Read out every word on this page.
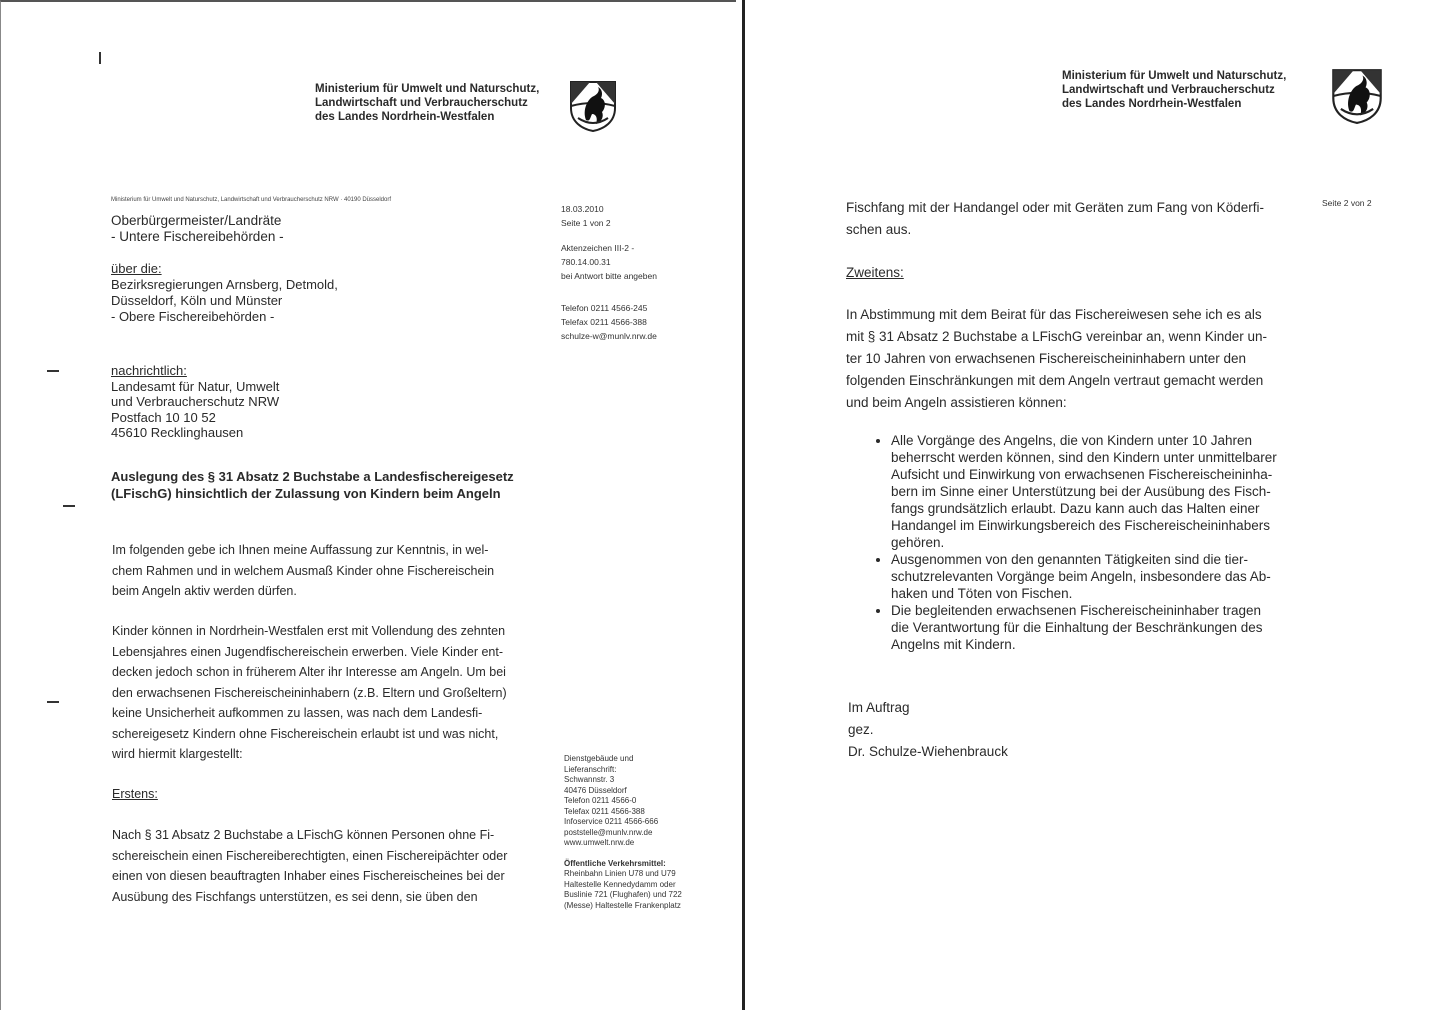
Ministerium für Umwelt und Naturschutz,
Landwirtschaft und Verbraucherschutz
des Landes Nordrhein-Westfalen
Ministerium für Umwelt und Naturschutz, Landwirtschaft und Verbraucherschutz NRW · 40190 Düsseldorf
Oberbürgermeister/Landräte
- Untere Fischereibehörden -
über die:
Bezirksregierungen Arnsberg, Detmold,
Düsseldorf, Köln und Münster
- Obere Fischereibehörden -
nachrichtlich:
Landesamt für Natur, Umwelt
und Verbraucherschutz NRW
Postfach 10 10 52
45610 Recklinghausen
18.03.2010
Seite 1 von 2
Aktenzeichen III-2 -
780.14.00.31
bei Antwort bitte angeben
Telefon 0211 4566-245
Telefax 0211 4566-388
schulze-w@munlv.nrw.de
Auslegung des § 31 Absatz 2 Buchstabe a Landesfischereigesetz
(LFischG) hinsichtlich der Zulassung von Kindern beim Angeln
Im folgenden gebe ich Ihnen meine Auffassung zur Kenntnis, in wel-
chem Rahmen und in welchem Ausmaß Kinder ohne Fischereischein
beim Angeln aktiv werden dürfen.
Kinder können in Nordrhein-Westfalen erst mit Vollendung des zehnten
Lebensjahres einen Jugendfischereischein erwerben. Viele Kinder ent-
decken jedoch schon in früherem Alter ihr Interesse am Angeln. Um bei
den erwachsenen Fischereischeininhabern (z.B. Eltern und Großeltern)
keine Unsicherheit aufkommen zu lassen, was nach dem Landesfi-
schereigesetz Kindern ohne Fischereischein erlaubt ist und was nicht,
wird hiermit klargestellt:
Erstens:
Nach § 31 Absatz 2 Buchstabe a LFischG können Personen ohne Fi-
schereischein einen Fischereiberechtigten, einen Fischereipächter oder
einen von diesen beauftragten Inhaber eines Fischereischeines bei der
Ausübung des Fischfangs unterstützen, es sei denn, sie üben den
Dienstgebäude und
Lieferanschrift:
Schwannstr. 3
40476 Düsseldorf
Telefon 0211 4566-0
Telefax 0211 4566-388
Infoservice 0211 4566-666
poststelle@munlv.nrw.de
www.umwelt.nrw.de
Öffentliche Verkehrsmittel:
Rheinbahn Linien U78 und U79
Haltestelle Kennedydamm oder
Buslinie 721 (Flughafen) und 722
(Messe) Haltestelle Frankenplatz
Ministerium für Umwelt und Naturschutz,
Landwirtschaft und Verbraucherschutz
des Landes Nordrhein-Westfalen
Seite 2 von 2
Fischfang mit der Handangel oder mit Geräten zum Fang von Köderfi-
schen aus.
Zweitens:
In Abstimmung mit dem Beirat für das Fischereiwesen sehe ich es als
mit § 31 Absatz 2 Buchstabe a LFischG vereinbar an, wenn Kinder un-
ter 10 Jahren von erwachsenen Fischereischeininhabern unter den
folgenden Einschränkungen mit dem Angeln vertraut gemacht werden
und beim Angeln assistieren können:
• Alle Vorgänge des Angelns, die von Kindern unter 10 Jahren
beherrscht werden können, sind den Kindern unter unmittelbarer
Aufsicht und Einwirkung von erwachsenen Fischereischeininha-
bern im Sinne einer Unterstützung bei der Ausübung des Fisch-
fangs grundsätzlich erlaubt. Dazu kann auch das Halten einer
Handangel im Einwirkungsbereich des Fischereischeininhabers
gehören.
• Ausgenommen von den genannten Tätigkeiten sind die tier-
schutzrelevanten Vorgänge beim Angeln, insbesondere das Ab-
haken und Töten von Fischen.
• Die begleitenden erwachsenen Fischereischeininhaber tragen
die Verantwortung für die Einhaltung der Beschränkungen des
Angelns mit Kindern.
Im Auftrag
gez.
Dr. Schulze-Wiehenbrauck
